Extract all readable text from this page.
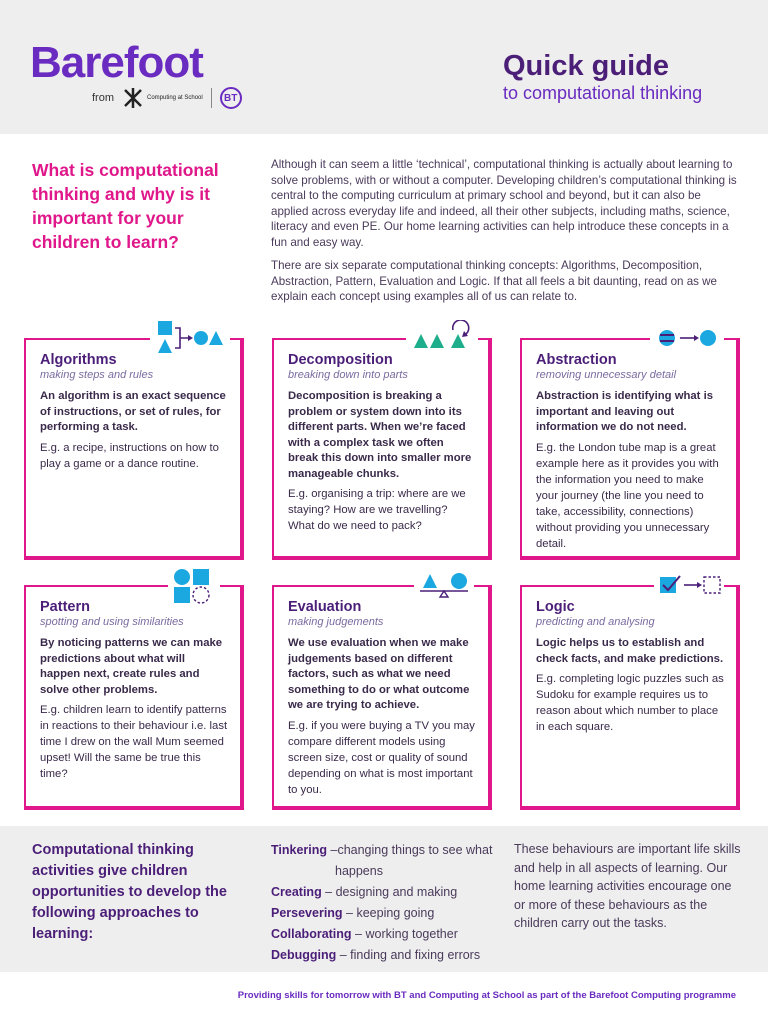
Barefoot
from	Computing at School	BT
Quick guide
to computational thinking
What is computational thinking and why is it important for your children to learn?

Although it can seem a little ‘technical’, computational thinking is actually about learning to solve problems, with or without a computer. Developing children’s computational thinking is central to the computing curriculum at primary school and beyond, but it can also be applied across everyday life and indeed, all their other subjects, including maths, science, literacy and even PE. Our home learning activities can help introduce these concepts in a fun and easy way.

There are six separate computational thinking concepts: Algorithms, Decomposition, Abstraction, Pattern, Evaluation and Logic. If that all feels a bit daunting, read on as we explain each concept using examples all of us can relate to.

Algorithms
making steps and rules

An algorithm is an exact sequence of instructions, or set of rules, for performing a task.

E.g. a recipe, instructions on how to play a game or a dance routine.

Decomposition
breaking down into parts

Decomposition is breaking a problem or system down into its different parts. When we’re faced with a complex task we often break this down into smaller more manageable chunks.

E.g. organising a trip: where are we staying? How are we travelling? What do we need to pack?

Abstraction
removing unnecessary detail

Abstraction is identifying what is important and leaving out information we do not need.

E.g. the London tube map is a great example here as it provides you with the information you need to make your journey (the line you need to take, accessibility, connections) without providing you unnecessary detail.

Pattern
spotting and using similarities

By noticing patterns we can make predictions about what will happen next, create rules and solve other problems.

E.g. children learn to identify patterns in reactions to their behaviour i.e. last time I drew on the wall Mum seemed upset! Will the same be true this time?

Evaluation
making judgements

We use evaluation when we make judgements based on different factors, such as what we need something to do or what outcome we are trying to achieve.

E.g. if you were buying a TV you may compare different models using screen size, cost or quality of sound depending on what is most important to you.

Logic
predicting and analysing

Logic helps us to establish and check facts, and make predictions.

E.g. completing logic puzzles such as Sudoku for example requires us to reason about which number to place in each square.

Computational thinking activities give children opportunities to develop the following approaches to learning:
Tinkering –changing things to see what happens
Creating – designing and making
Persevering – keeping going
Collaborating – working together
Debugging – finding and fixing errors
These behaviours are important life skills and help in all aspects of learning. Our home learning activities encourage one or more of these behaviours as the children carry out the tasks.
Providing skills for tomorrow with BT and Computing at School as part of the Barefoot Computing programme
